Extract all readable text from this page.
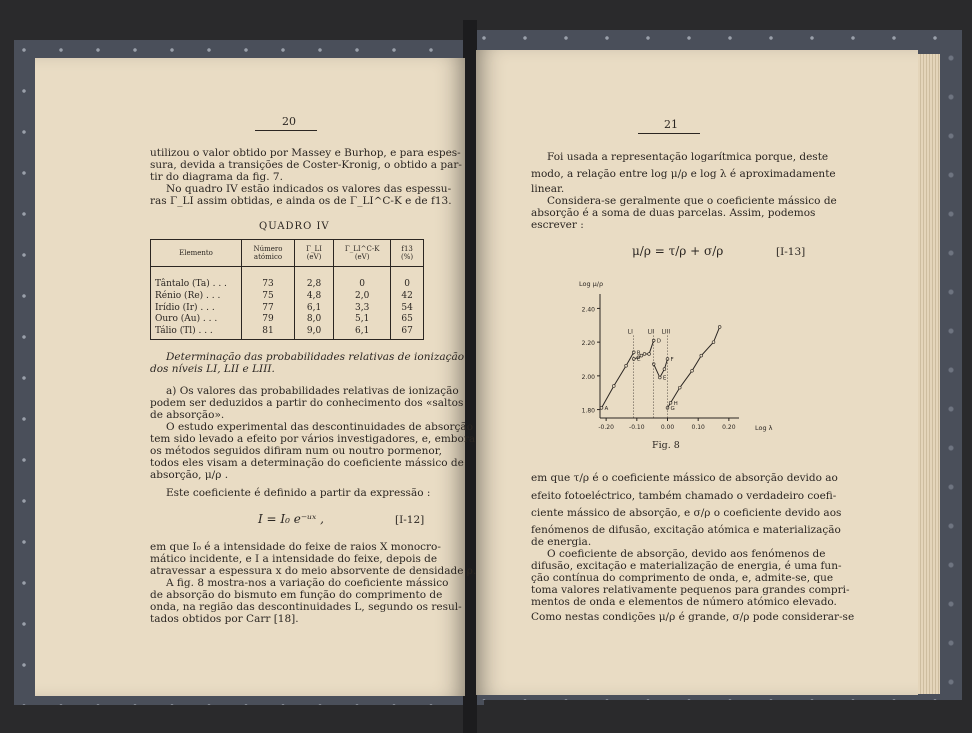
20
utilizou o valor obtido por Massey e Burhop, e para espes-
sura, devida a transições de Coster-Kronig, o obtido a par-
tir do diagrama da fig. 7.
No quadro IV estão indicados os valores das espessu-
ras Γ_LI assim obtidas, e ainda os de Γ_LI^C-K e de f13.
QUADRO IV
Elemento	Número atómico	Γ_LI (eV)	Γ_LI^C-K (eV)	f13 (%)

Tântalo (Ta) . . .	73	2,8	0	0
Rénio (Re) . . .	75	4,8	2,0	42
Irídio (Ir) . . .	77	6,1	3,3	54
Ouro (Au) . . .	79	8,0	5,1	65
Tálio (Tl) . . .	81	9,0	6,1	67
Determinação das probabilidades relativas de ionização
dos níveis LI, LII e LIII.
a) Os valores das probabilidades relativas de ionização
podem ser deduzidos a partir do conhecimento dos «saltos
de absorção».
O estudo experimental das descontinuidades de absorção
tem sido levado a efeito por vários investigadores, e, embora
os métodos seguidos difiram num ou noutro pormenor,
todos eles visam a determinação do coeficiente mássico de
absorção, μ/ρ .
Este coeficiente é definido a partir da expressão :
I = I₀ e⁻ᵘˣ ,	[I-12]
em que I₀ é a intensidade do feixe de raios X monocro-
mático incidente, e I a intensidade do feixe, depois de
atravessar a espessura x do meio absorvente de densidade ρ.
A fig. 8 mostra-nos a variação do coeficiente mássico
de absorção do bismuto em função do comprimento de
onda, na região das descontinuidades L, segundo os resul-
tados obtidos por Carr [18].
21
Foi usada a representação logarítmica porque, deste
modo, a relação entre log μ/ρ e log λ é aproximadamente
linear.
Considera-se geralmente que o coeficiente mássico de
absorção é a soma de duas parcelas. Assim, podemos
escrever :
μ/ρ = τ/ρ + σ/ρ	[I-13]
1.80
2.00
2.20
2.40
-0.20	-0.10	0.00	0.10	0.20	Log λ
Log μ/ρ
LI LII LIII
A
B
C
D
E
F
G
H
Fig. 8
em que τ/ρ é o coeficiente mássico de absorção devido ao
efeito fotoeléctrico, também chamado o verdadeiro coefi-
ciente mássico de absorção, e σ/ρ o coeficiente devido aos
fenómenos de difusão, excitação atómica e materialização
de energia.
O coeficiente de absorção, devido aos fenómenos de
difusão, excitação e materialização de energia, é uma fun-
ção contínua do comprimento de onda, e, admite-se, que
toma valores relativamente pequenos para grandes compri-
mentos de onda e elementos de número atómico elevado.
Como nestas condições μ/ρ é grande, σ/ρ pode considerar-se
